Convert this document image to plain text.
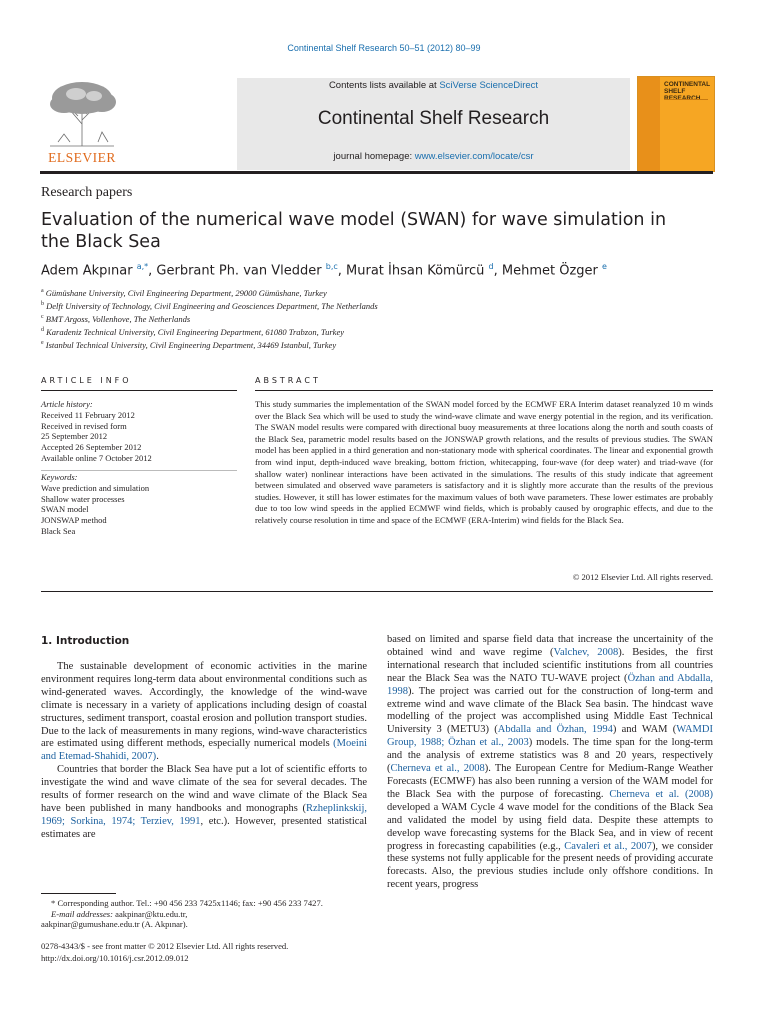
Continental Shelf Research 50–51 (2012) 80–99
ELSEVIER
Contents lists available at SciVerse ScienceDirect
Continental Shelf Research
journal homepage: www.elsevier.com/locate/csr
CONTINENTAL SHELF RESEARCH
Research papers
Evaluation of the numerical wave model (SWAN) for wave simulation in the Black Sea
Adem Akpınar $^{a,*}$, Gerbrant Ph. van Vledder $^{b,c}$, Murat İhsan Kömürcü $^d$, Mehmet Özger $^e$
$^a$ Gümüshane University, Civil Engineering Department, 29000 Gümüshane, Turkey
$^b$ Delft University of Technology, Civil Engineering and Geosciences Department, The Netherlands
$^c$ BMT Argoss, Vollenhove, The Netherlands
$^d$ Karadeniz Technical University, Civil Engineering Department, 61080 Trabzon, Turkey
$^e$ Istanbul Technical University, Civil Engineering Department, 34469 Istanbul, Turkey
ARTICLE INFO	ABSTRACT
Article history:
Received 11 February 2012
Received in revised form
25 September 2012
Accepted 26 September 2012
Available online 7 October 2012
Keywords:
Wave prediction and simulation
Shallow water processes
SWAN model
JONSWAP method
Black Sea
This study summaries the implementation of the SWAN model forced by the ECMWF ERA Interim dataset reanalyzed 10 m winds over the Black Sea which will be used to study the wind-wave climate and wave energy potential in the region, and its verification. The SWAN model results were compared with directional buoy measurements at three locations along the north and south coasts of the Black Sea, parametric model results based on the JONSWAP growth relations, and the results of previous studies. The SWAN model has been applied in a third generation and non-stationary mode with spherical coordinates. The linear and exponential growth from wind input, depth-induced wave breaking, bottom friction, whitecapping, four-wave (for deep water) and triad-wave (for shallow water) nonlinear interactions have been activated in the simulations. The results of this study indicate that agreement between simulated and observed wave parameters is satisfactory and it is slightly more accurate than the results of the previous studies. However, it still has lower estimates for the maximum values of both wave parameters. These lower estimates are probably due to too low wind speeds in the applied ECMWF wind fields, which is probably caused by orographic effects, and due to the relatively course resolution in time and space of the ECMWF (ERA-Interim) wind fields for the Black Sea.
© 2012 Elsevier Ltd. All rights reserved.
1. Introduction

The sustainable development of economic activities in the marine environment requires long-term data about environmental conditions such as wind-generated waves. Accordingly, the knowledge of the wind-wave climate is necessary in a variety of applications including design of coastal structures, sediment transport, coastal erosion and pollution transport studies. Due to the lack of measurements in many regions, wind-wave characteristics are estimated using different methods, especially numerical models (Moeini and Etemad-Shahidi, 2007).

Countries that border the Black Sea have put a lot of scientific efforts to investigate the wind and wave climate of the sea for several decades. The results of former research on the wind and wave climate of the Black Sea have been published in many handbooks and monographs (Rzheplinkskij, 1969; Sorkina, 1974; Terziev, 1991, etc.). However, presented statistical estimates are

based on limited and sparse field data that increase the uncertainity of the obtained wind and wave regime (Valchev, 2008). Besides, the first international research that included scientific institutions from all countries near the Black Sea was the NATO TU-WAVE project (Özhan and Abdalla, 1998). The project was carried out for the construction of long-term and extreme wind and wave climate of the Black Sea basin. The hindcast wave modelling of the project was accomplished using Middle East Technical University 3 (METU3) (Abdalla and Özhan, 1994) and WAM (WAMDI Group, 1988; Özhan et al., 2003) models. The time span for the long-term and the analysis of extreme statistics was 8 and 20 years, respectively (Cherneva et al., 2008). The European Centre for Medium-Range Weather Forecasts (ECMWF) has also been running a version of the WAM model for the Black Sea with the purpose of forecasting. Cherneva et al. (2008) developed a WAM Cycle 4 wave model for the conditions of the Black Sea and validated the model by using field data. Despite these attempts to develop wave forecasting systems for the Black Sea, and in view of recent progress in forecasting capabilities (e.g., Cavaleri et al., 2007), we consider these systems not fully applicable for the present needs of providing accurate forecasts. Also, the previous studies include only offshore conditions. In recent years, progress

* Corresponding author. Tel.: +90 456 233 7425x1146; fax: +90 456 233 7427.
E-mail addresses: aakpinar@ktu.edu.tr,
aakpinar@gumushane.edu.tr (A. Akpınar).
0278-4343/$ - see front matter © 2012 Elsevier Ltd. All rights reserved.
http://dx.doi.org/10.1016/j.csr.2012.09.012
